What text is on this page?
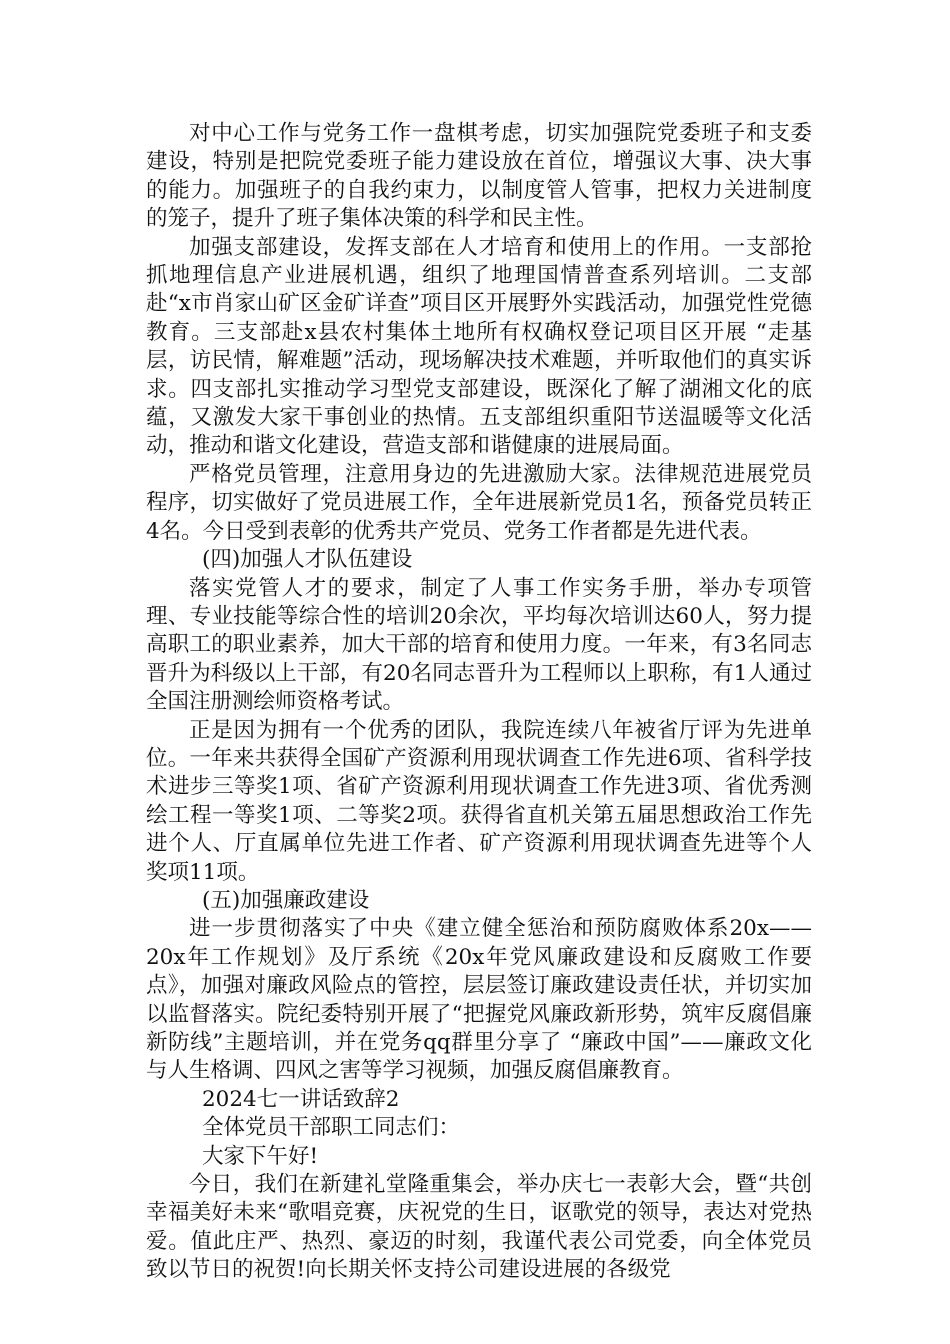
对中心工作与党务工作一盘棋考虑，切实加强院党委班子和支委建设，特别是把院党委班子能力建设放在首位，增强议大事、决大事的能力。加强班子的自我约束力，以制度管人管事，把权力关进制度的笼子，提升了班子集体决策的科学和民主性。

加强支部建设，发挥支部在人才培育和使用上的作用。一支部抢抓地理信息产业进展机遇，组织了地理国情普查系列培训。二支部赴“x市肖家山矿区金矿详查”项目区开展野外实践活动，加强党性党德教育。三支部赴x县农村集体土地所有权确权登记项目区开展 “走基层，访民情，解难题”活动，现场解决技术难题，并听取他们的真实诉求。四支部扎实推动学习型党支部建设，既深化了解了湖湘文化的底蕴，又激发大家干事创业的热情。五支部组织重阳节送温暖等文化活动，推动和谐文化建设，营造支部和谐健康的进展局面。

严格党员管理，注意用身边的先进激励大家。法律规范进展党员程序，切实做好了党员进展工作，全年进展新党员1名，预备党员转正4名。今日受到表彰的优秀共产党员、党务工作者都是先进代表。

(四)加强人才队伍建设

落实党管人才的要求，制定了人事工作实务手册，举办专项管理、专业技能等综合性的培训20余次，平均每次培训达60人，努力提高职工的职业素养，加大干部的培育和使用力度。一年来，有3名同志晋升为科级以上干部，有20名同志晋升为工程师以上职称，有1人通过全国注册测绘师资格考试。

正是因为拥有一个优秀的团队，我院连续八年被省厅评为先进单位。一年来共获得全国矿产资源利用现状调查工作先进6项、省科学技术进步三等奖1项、省矿产资源利用现状调查工作先进3项、省优秀测绘工程一等奖1项、二等奖2项。获得省直机关第五届思想政治工作先进个人、厅直属单位先进工作者、矿产资源利用现状调查先进等个人奖项11项。

(五)加强廉政建设

进一步贯彻落实了中央《建立健全惩治和预防腐败体系20x——20x年工作规划》及厅系统《20x年党风廉政建设和反腐败工作要点》，加强对廉政风险点的管控，层层签订廉政建设责任状，并切实加以监督落实。院纪委特别开展了“把握党风廉政新形势，筑牢反腐倡廉新防线”主题培训，并在党务qq群里分享了 “廉政中国”——廉政文化与人生格调、四风之害等学习视频，加强反腐倡廉教育。

2024七一讲话致辞2

全体党员干部职工同志们：

大家下午好!

今日，我们在新建礼堂隆重集会，举办庆七一表彰大会，暨“共创幸福美好未来“歌唱竞赛，庆祝党的生日，讴歌党的领导，表达对党热爱。值此庄严、热烈、豪迈的时刻，我谨代表公司党委，向全体党员致以节日的祝贺!向长期关怀支持公司建设进展的各级党
